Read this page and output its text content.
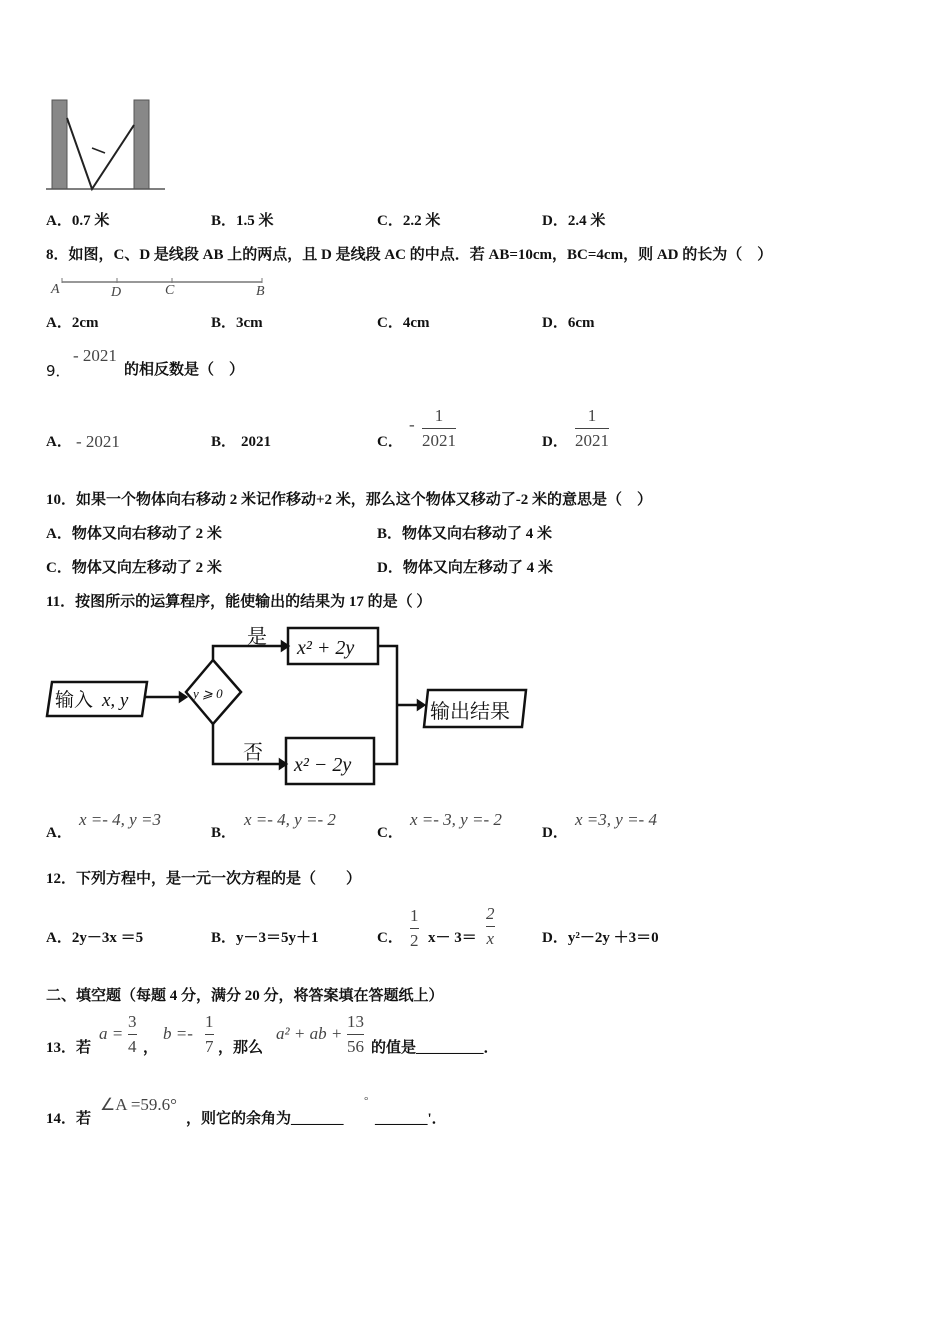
输入 x, y	y ⩾ 0
是
否
x² + 2y
x² − 2y
输出结果
A．0.7 米	B．1.5 米	C．2.2 米	D．2.4 米
8．如图，C、D 是线段 AB 上的两点，且 D 是线段 AC 的中点．若 AB=10cm，BC=4cm，则 AD 的长为（　）
A	D	C	B
A．2cm	B．3cm	C．4cm	D．6cm
9．
- 2021
的相反数是（　）
A． - 2021	B． 2021	C．
- 1
2021	D．
1
2021
10．如果一个物体向右移动 2 米记作移动+2 米，那么这个物体又移动了-2 米的意思是（　）
A．物体又向右移动了 2 米	B．物体又向右移动了 4 米
C．物体又向左移动了 2 米	D．物体又向左移动了 4 米
11．按图所示的运算程序，能使输出的结果为 17 的是（ ）
A．
x =- 4, y =3
B．
x =- 4, y =- 2
C．
x =- 3, y =- 2
D．
x =3, y =- 4
12．下列方程中，是一元一次方程的是（　　）
A．2y－3x ＝5	B．y－3＝5y＋1	C．
1
2 x－ 3＝
2
x	D．y²－2y ＋3＝0
二、填空题（每题 4 分，满分 20 分，将答案填在答题纸上）
13．若
a =
3
4 ，
b =-
1
7 ，那么
a² + ab +
13
56 的值是_________．
14．若
∠A =59.6°
，则它的余角为_______
°
_______'．
